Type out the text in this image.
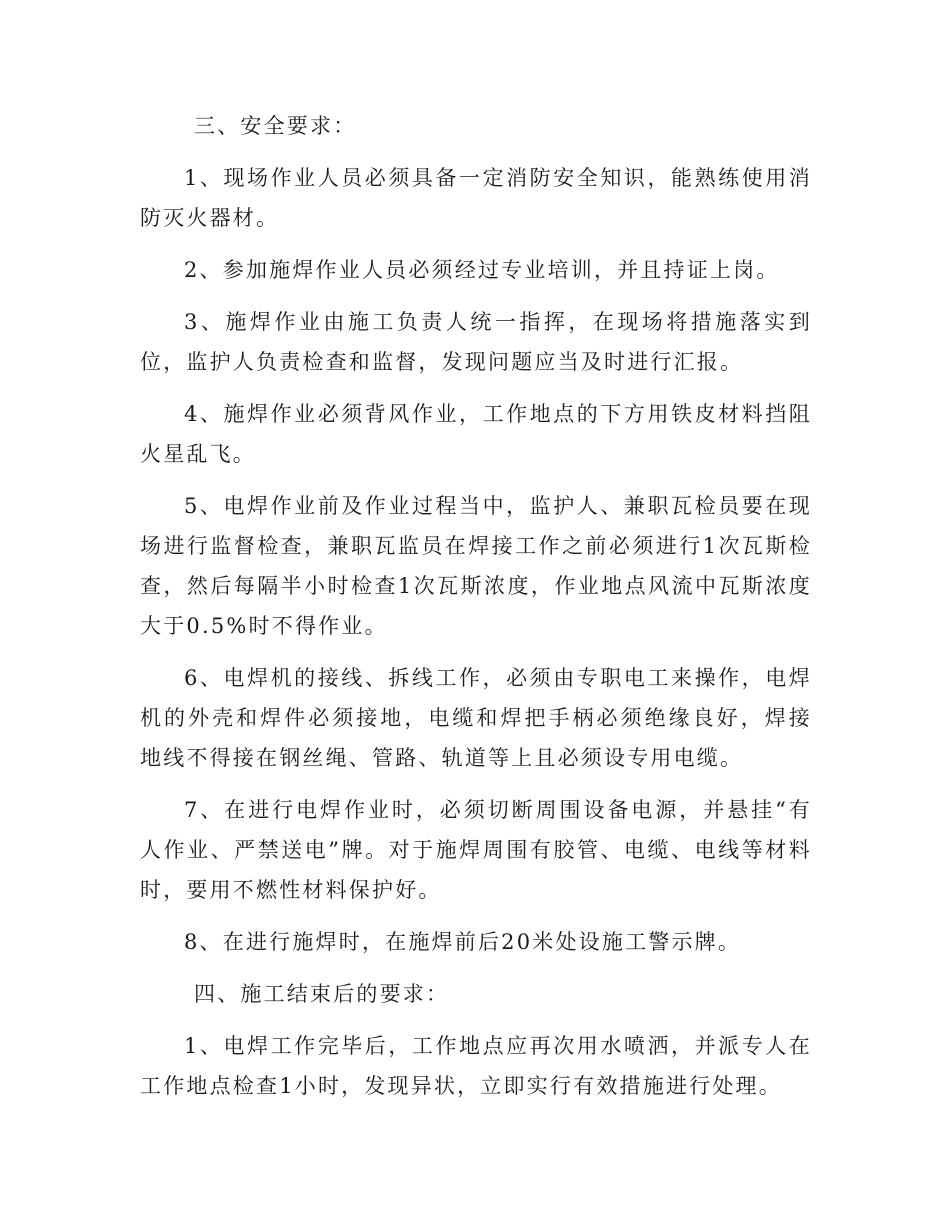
三、安全要求：

1、现场作业人员必须具备一定消防安全知识，能熟练使用消防灭火器材。

2、参加施焊作业人员必须经过专业培训，并且持证上岗。

3、施焊作业由施工负责人统一指挥，在现场将措施落实到位，监护人负责检查和监督，发现问题应当及时进行汇报。

4、施焊作业必须背风作业，工作地点的下方用铁皮材料挡阻火星乱飞。

5、电焊作业前及作业过程当中，监护人、兼职瓦检员要在现场进行监督检查，兼职瓦监员在焊接工作之前必须进行1次瓦斯检查，然后每隔半小时检查1次瓦斯浓度，作业地点风流中瓦斯浓度大于0.5%时不得作业。

6、电焊机的接线、拆线工作，必须由专职电工来操作，电焊机的外壳和焊件必须接地，电缆和焊把手柄必须绝缘良好，焊接地线不得接在钢丝绳、管路、轨道等上且必须设专用电缆。

7、在进行电焊作业时，必须切断周围设备电源，并悬挂“有人作业、严禁送电”牌。对于施焊周围有胶管、电缆、电线等材料时，要用不燃性材料保护好。

8、在进行施焊时，在施焊前后20米处设施工警示牌。

四、施工结束后的要求：

1、电焊工作完毕后，工作地点应再次用水喷洒，并派专人在工作地点检查1小时，发现异状，立即实行有效措施进行处理。
